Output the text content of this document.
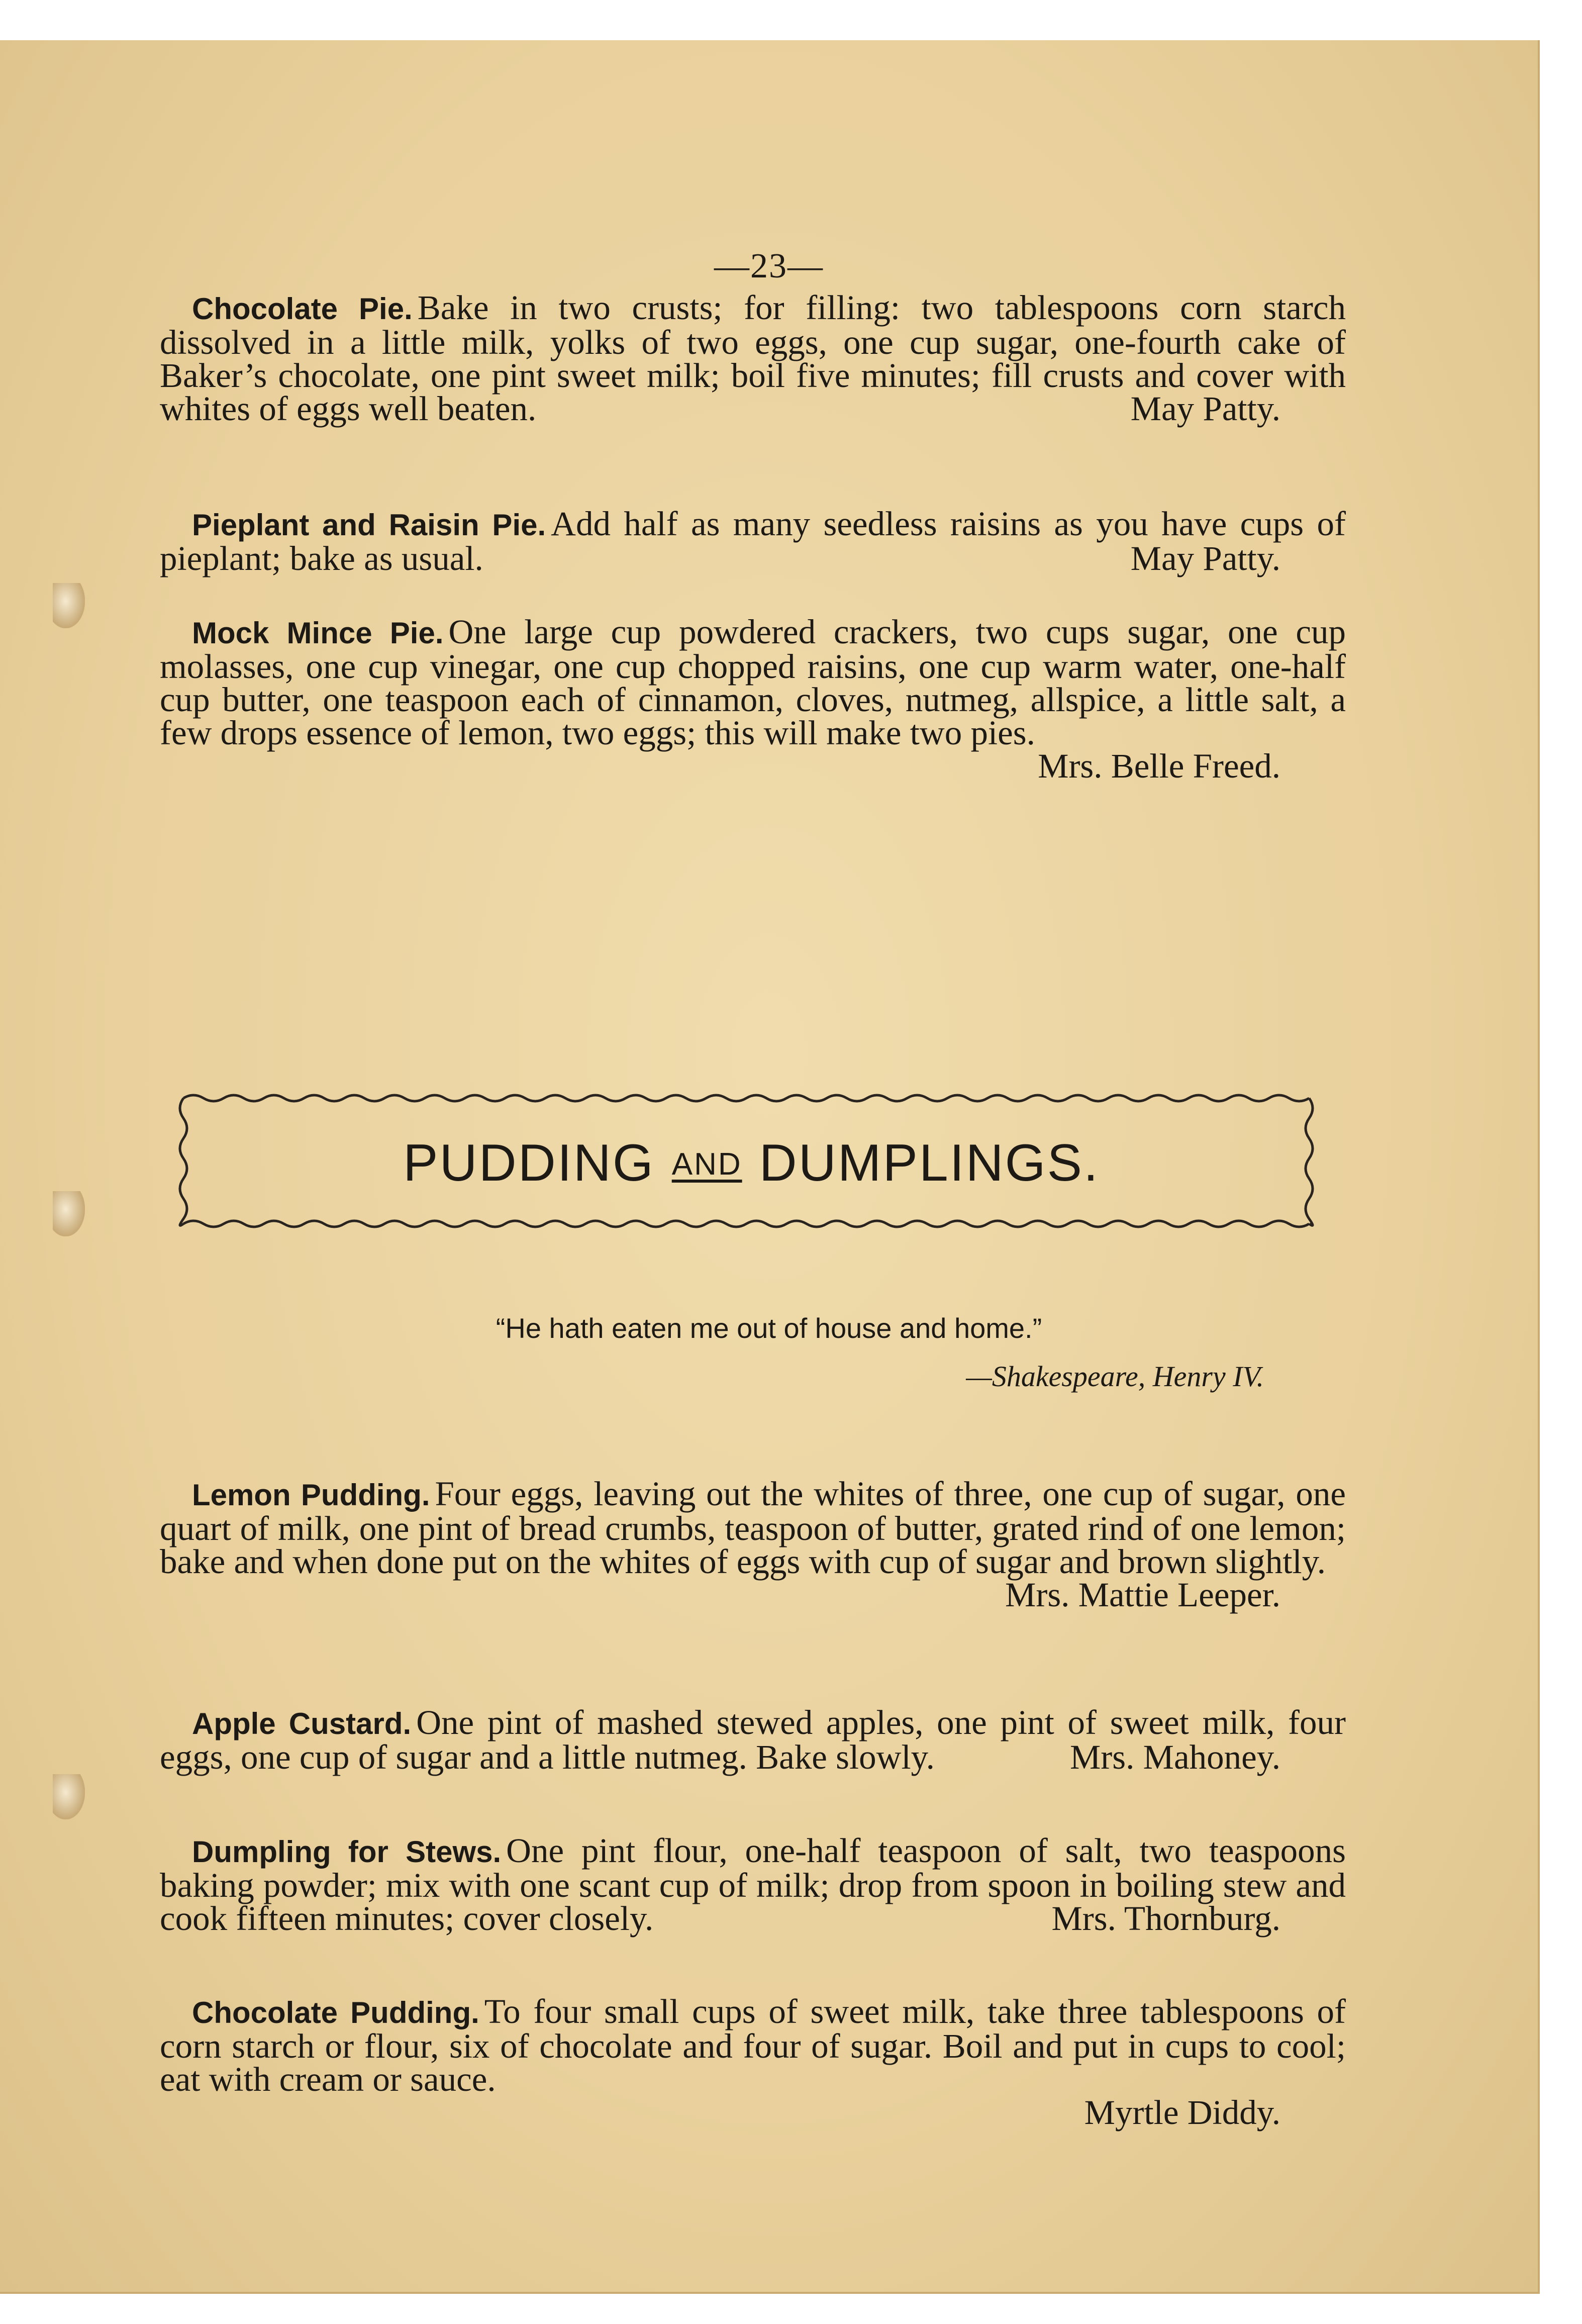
—23—

Chocolate Pie. Bake in two crusts; for filling: two tablespoons corn starch dissolved in a little milk, yolks of two eggs, one cup sugar, one-fourth cake of Baker’s chocolate, one pint sweet milk; boil five minutes; fill crusts and cover with whites of eggs well beaten.	May Patty.

Pieplant and Raisin Pie. Add half as many seedless raisins as you have cups of pieplant; bake as usual.	May Patty.

Mock Mince Pie. One large cup powdered crackers, two cups sugar, one cup molasses, one cup vinegar, one cup chopped raisins, one cup warm water, one-half cup butter, one teaspoon each of cinnamon, cloves, nutmeg, allspice, a little salt, a few drops essence of lemon, two eggs; this will make two pies.
Mrs. Belle Freed.

PUDDING AND DUMPLINGS.
“He hath eaten me out of house and home.”
—Shakespeare, Henry IV.

Lemon Pudding. Four eggs, leaving out the whites of three, one cup of sugar, one quart of milk, one pint of bread crumbs, teaspoon of butter, grated rind of one lemon; bake and when done put on the whites of eggs with cup of sugar and brown slightly.
Mrs. Mattie Leeper.

Apple Custard. One pint of mashed stewed apples, one pint of sweet milk, four eggs, one cup of sugar and a little nutmeg. Bake slowly.	Mrs. Mahoney.

Dumpling for Stews. One pint flour, one-half teaspoon of salt, two teaspoons baking powder; mix with one scant cup of milk; drop from spoon in boiling stew and cook fifteen minutes; cover closely.	Mrs. Thornburg.

Chocolate Pudding. To four small cups of sweet milk, take three tablespoons of corn starch or flour, six of chocolate and four of sugar. Boil and put in cups to cool; eat with cream or sauce.
Myrtle Diddy.
